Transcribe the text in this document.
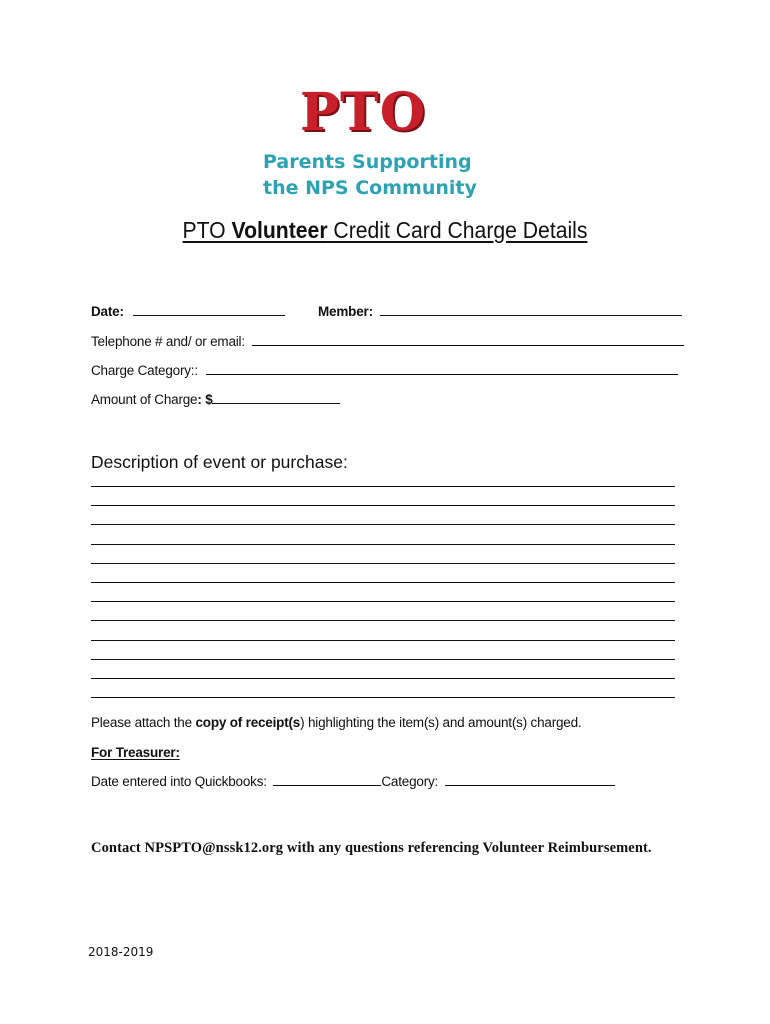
PTO
Parents Supporting
the NPS Community
PTO Volunteer Credit Card Charge Details
Date:	Member:
Telephone # and/ or email:
Charge Category::
Amount of Charge: $
Description of event or purchase:
Please attach the copy of receipt(s) highlighting the item(s) and amount(s) charged.
For Treasurer:
Date entered into Quickbooks:	Category:
Contact NPSPTO@nssk12.org with any questions referencing Volunteer Reimbursement.
2018-2019
